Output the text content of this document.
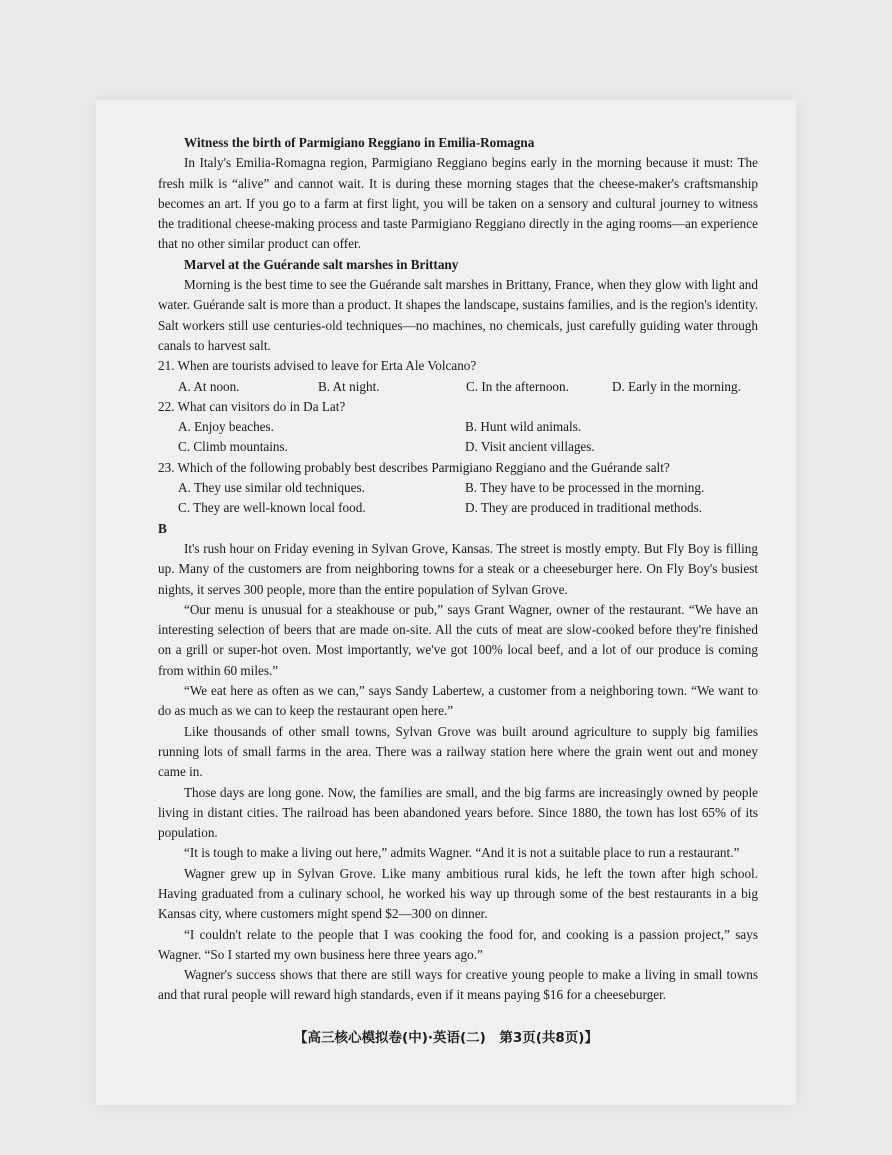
Witness the birth of Parmigiano Reggiano in Emilia-Romagna

In Italy's Emilia-Romagna region, Parmigiano Reggiano begins early in the morning because it must: The fresh milk is “alive” and cannot wait. It is during these morning stages that the cheese-maker's craftsmanship becomes an art. If you go to a farm at first light, you will be taken on a sensory and cultural journey to witness the traditional cheese-making process and taste Parmigiano Reggiano directly in the aging rooms—an experience that no other similar product can offer.

Marvel at the Guérande salt marshes in Brittany

Morning is the best time to see the Guérande salt marshes in Brittany, France, when they glow with light and water. Guérande salt is more than a product. It shapes the landscape, sustains families, and is the region's identity. Salt workers still use centuries-old techniques—no machines, no chemicals, just carefully guiding water through canals to harvest salt.

21. When are tourists advised to leave for Erta Ale Volcano?

A. At noon.	B. At night.	C. In the afternoon.	D. Early in the morning.

22. What can visitors do in Da Lat?

A. Enjoy beaches.	B. Hunt wild animals.
C. Climb mountains.	D. Visit ancient villages.

23. Which of the following probably best describes Parmigiano Reggiano and the Guérande salt?

A. They use similar old techniques.	B. They have to be processed in the morning.
C. They are well-known local food.	D. They are produced in traditional methods.

B

It's rush hour on Friday evening in Sylvan Grove, Kansas. The street is mostly empty. But Fly Boy is filling up. Many of the customers are from neighboring towns for a steak or a cheeseburger here. On Fly Boy's busiest nights, it serves 300 people, more than the entire population of Sylvan Grove.

“Our menu is unusual for a steakhouse or pub,” says Grant Wagner, owner of the restaurant. “We have an interesting selection of beers that are made on-site. All the cuts of meat are slow-cooked before they're finished on a grill or super-hot oven. Most importantly, we've got 100% local beef, and a lot of our produce is coming from within 60 miles.”

“We eat here as often as we can,” says Sandy Labertew, a customer from a neighboring town. “We want to do as much as we can to keep the restaurant open here.”

Like thousands of other small towns, Sylvan Grove was built around agriculture to supply big families running lots of small farms in the area. There was a railway station here where the grain went out and money came in.

Those days are long gone. Now, the families are small, and the big farms are increasingly owned by people living in distant cities. The railroad has been abandoned years before. Since 1880, the town has lost 65% of its population.

“It is tough to make a living out here,” admits Wagner. “And it is not a suitable place to run a restaurant.”

Wagner grew up in Sylvan Grove. Like many ambitious rural kids, he left the town after high school. Having graduated from a culinary school, he worked his way up through some of the best restaurants in a big Kansas city, where customers might spend $2—300 on dinner.

“I couldn't relate to the people that I was cooking the food for, and cooking is a passion project,” says Wagner. “So I started my own business here three years ago.”

Wagner's success shows that there are still ways for creative young people to make a living in small towns and that rural people will reward high standards, even if it means paying $16 for a cheeseburger.

【高三核心模拟卷(中)·英语(二)　第3页(共8页)】
